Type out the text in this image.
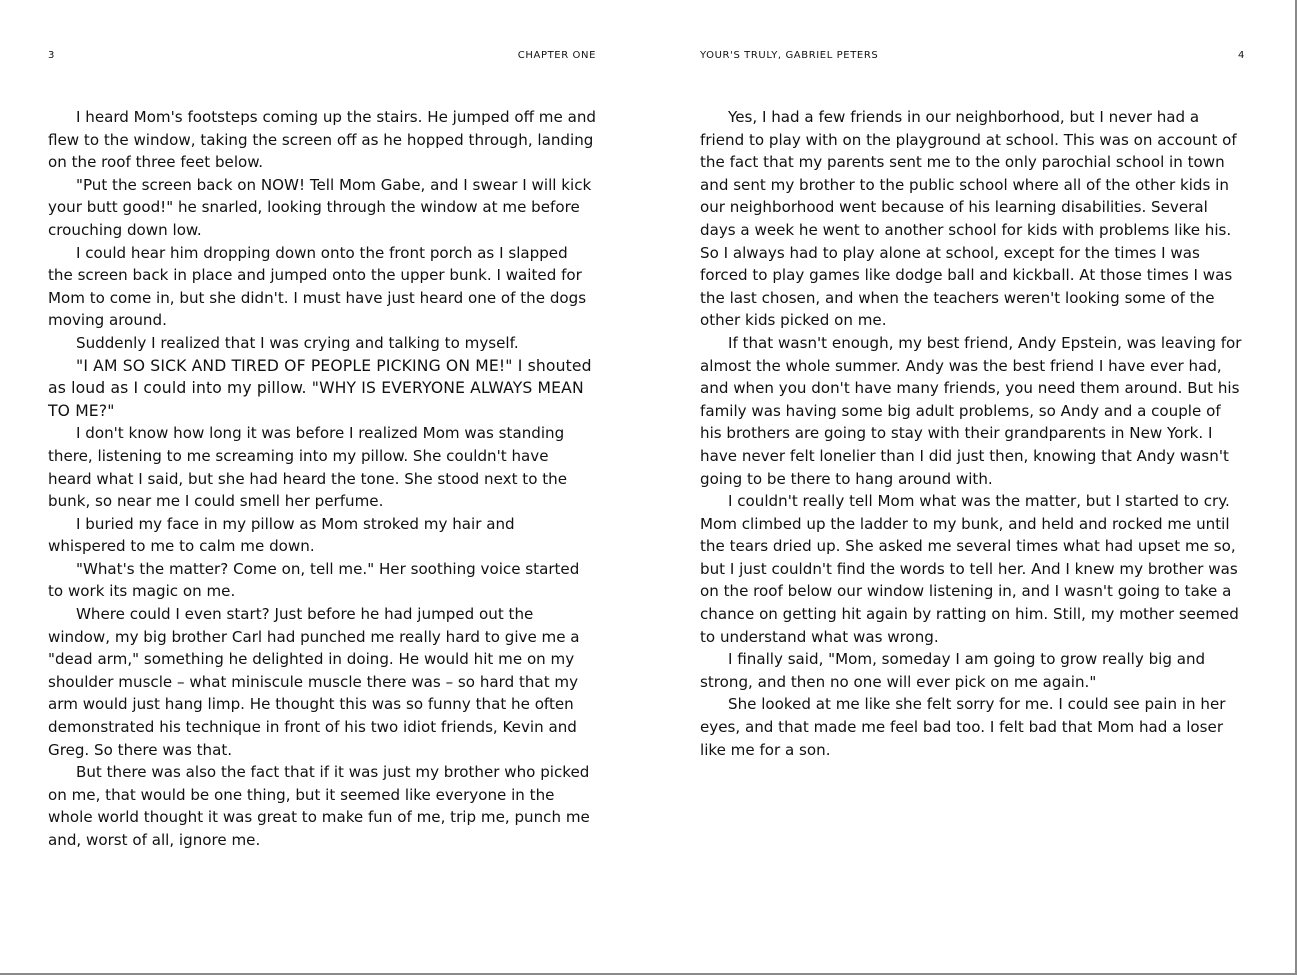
3	CHAPTER ONE

I heard Mom's footsteps coming up the stairs. He jumped off me and flew to the window, taking the screen off as he hopped through, landing on the roof three feet below.

"Put the screen back on NOW! Tell Mom Gabe, and I swear I will kick your butt good!" he snarled, looking through the window at me before crouching down low.

I could hear him dropping down onto the front porch as I slapped the screen back in place and jumped onto the upper bunk. I waited for Mom to come in, but she didn't. I must have just heard one of the dogs moving around.

Suddenly I realized that I was crying and talking to myself.

"I AM SO SICK AND TIRED OF PEOPLE PICKING ON ME!" I shouted as loud as I could into my pillow. "WHY IS EVERYONE ALWAYS MEAN TO ME?"

I don't know how long it was before I realized Mom was standing there, listening to me screaming into my pillow. She couldn't have heard what I said, but she had heard the tone. She stood next to the bunk, so near me I could smell her perfume.

I buried my face in my pillow as Mom stroked my hair and whispered to me to calm me down.

"What's the matter? Come on, tell me." Her soothing voice started to work its magic on me.

Where could I even start? Just before he had jumped out the window, my big brother Carl had punched me really hard to give me a "dead arm," something he delighted in doing. He would hit me on my shoulder muscle – what miniscule muscle there was – so hard that my arm would just hang limp. He thought this was so funny that he often demonstrated his technique in front of his two idiot friends, Kevin and Greg. So there was that.

But there was also the fact that if it was just my brother who picked on me, that would be one thing, but it seemed like everyone in the whole world thought it was great to make fun of me, trip me, punch me and, worst of all, ignore me.

YOUR'S TRULY, GABRIEL PETERS	4

Yes, I had a few friends in our neighborhood, but I never had a friend to play with on the playground at school. This was on account of the fact that my parents sent me to the only parochial school in town and sent my brother to the public school where all of the other kids in our neighborhood went because of his learning disabilities. Several days a week he went to another school for kids with problems like his. So I always had to play alone at school, except for the times I was forced to play games like dodge ball and kickball. At those times I was the last chosen, and when the teachers weren't looking some of the other kids picked on me.

If that wasn't enough, my best friend, Andy Epstein, was leaving for almost the whole summer. Andy was the best friend I have ever had, and when you don't have many friends, you need them around. But his family was having some big adult problems, so Andy and a couple of his brothers are going to stay with their grandparents in New York. I have never felt lonelier than I did just then, knowing that Andy wasn't going to be there to hang around with.

I couldn't really tell Mom what was the matter, but I started to cry. Mom climbed up the ladder to my bunk, and held and rocked me until the tears dried up. She asked me several times what had upset me so, but I just couldn't find the words to tell her. And I knew my brother was on the roof below our window listening in, and I wasn't going to take a chance on getting hit again by ratting on him. Still, my mother seemed to understand what was wrong.

I finally said, "Mom, someday I am going to grow really big and strong, and then no one will ever pick on me again."

She looked at me like she felt sorry for me. I could see pain in her eyes, and that made me feel bad too. I felt bad that Mom had a loser like me for a son.
